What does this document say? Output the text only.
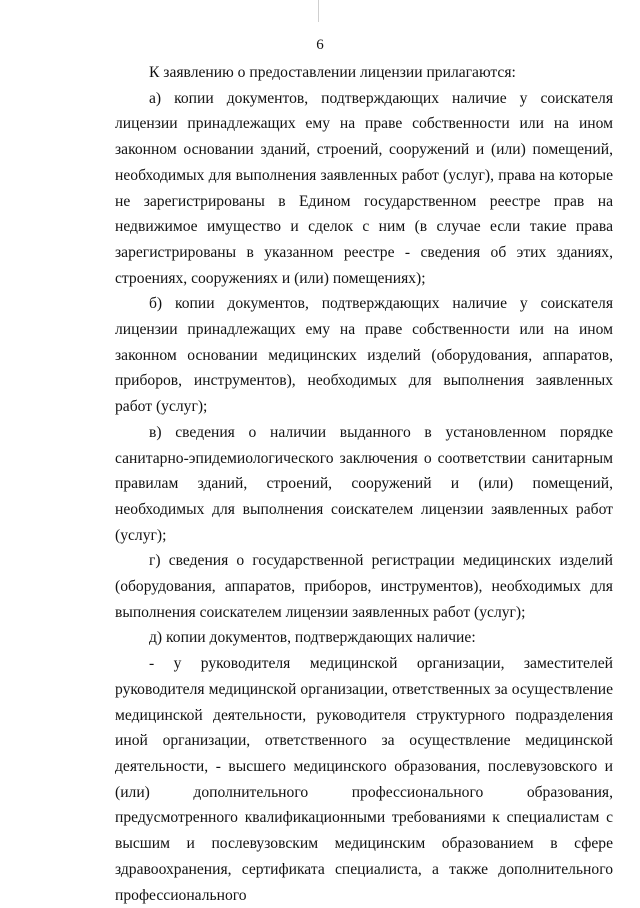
6

К заявлению о предоставлении лицензии прилагаются:

а) копии документов, подтверждающих наличие у соискателя лицензии принадлежащих ему на праве собственности или на ином законном основании зданий, строений, сооружений и (или) помещений, необходимых для выполнения заявленных работ (услуг), права на которые не зарегистрированы в Едином государственном реестре прав на недвижимое имущество и сделок с ним (в случае если такие права зарегистрированы в указанном реестре - сведения об этих зданиях, строениях, сооружениях и (или) помещениях);

б) копии документов, подтверждающих наличие у соискателя лицензии принадлежащих ему на праве собственности или на ином законном основании медицинских изделий (оборудования, аппаратов, приборов, инструментов), необходимых для выполнения заявленных работ (услуг);

в) сведения о наличии выданного в установленном порядке санитарно-эпидемиологического заключения о соответствии санитарным правилам зданий, строений, сооружений и (или) помещений, необходимых для выполнения соискателем лицензии заявленных работ (услуг);

г) сведения о государственной регистрации медицинских изделий (оборудования, аппаратов, приборов, инструментов), необходимых для выполнения соискателем лицензии заявленных работ (услуг);

д) копии документов, подтверждающих наличие:

- у руководителя медицинской организации, заместителей руководителя медицинской организации, ответственных за осуществление медицинской деятельности, руководителя структурного подразделения иной организации, ответственного за осуществление медицинской деятельности, - высшего медицинского образования, послевузовского и (или) дополнительного профессионального образования, предусмотренного квалификационными требованиями к специалистам с высшим и послевузовским медицинским образованием в сфере здравоохранения, сертификата специалиста, а также дополнительного профессионального
